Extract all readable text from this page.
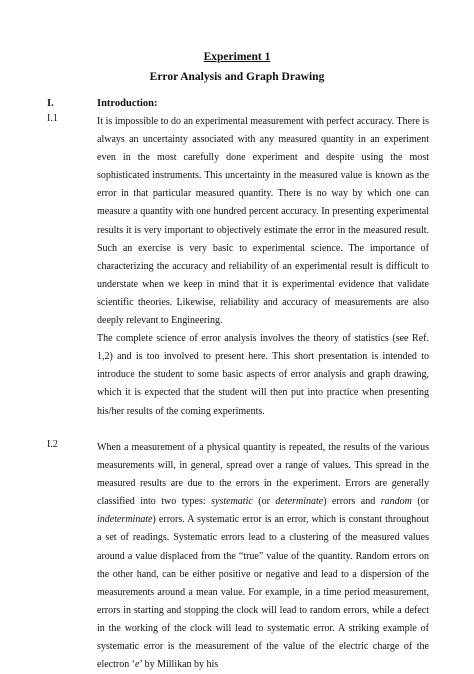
Experiment 1
Error Analysis and Graph Drawing
I.	Introduction:
I.1	It is impossible to do an experimental measurement with perfect accuracy. There is always an uncertainty associated with any measured quantity in an experiment even in the most carefully done experiment and despite using the most sophisticated instruments. This uncertainty in the measured value is known as the error in that particular measured quantity. There is no way by which one can measure a quantity with one hundred percent accuracy. In presenting experimental results it is very important to objectively estimate the error in the measured result. Such an exercise is very basic to experimental science. The importance of characterizing the accuracy and reliability of an experimental result is difficult to understate when we keep in mind that it is experimental evidence that validate scientific theories. Likewise, reliability and accuracy of measurements are also deeply relevant to Engineering.

The complete science of error analysis involves the theory of statistics (see Ref. 1,2) and is too involved to present here. This short presentation is intended to introduce the student to some basic aspects of error analysis and graph drawing, which it is expected that the student will then put into practice when presenting his/her results of the coming experiments.

I.2	When a measurement of a physical quantity is repeated, the results of the various measurements will, in general, spread over a range of values. This spread in the measured results are due to the errors in the experiment. Errors are generally classified into two types: systematic (or determinate) errors and random (or indeterminate) errors. A systematic error is an error, which is constant throughout a set of readings. Systematic errors lead to a clustering of the measured values around a value displaced from the “true” value of the quantity. Random errors on the other hand, can be either positive or negative and lead to a dispersion of the measurements around a mean value. For example, in a time period measurement, errors in starting and stopping the clock will lead to random errors, while a defect in the working of the clock will lead to systematic error. A striking example of systematic error is the measurement of the value of the electric charge of the electron ‘e’ by Millikan by his
